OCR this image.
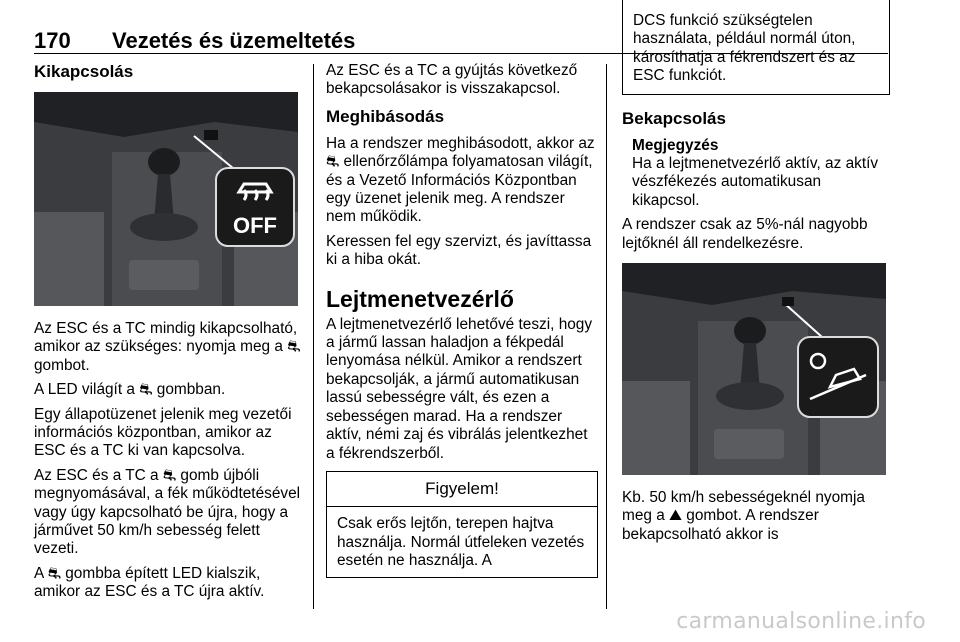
170 Vezetés és üzemeltetés
Kikapcsolás
OFF

Az ESC és a TC mindig kikapcsolható, amikor az szükséges: nyomja meg a ⛐ gombot.

A LED világít a ⛐ gombban.

Egy állapotüzenet jelenik meg vezetői információs központban, amikor az ESC és a TC ki van kapcsolva.

Az ESC és a TC a ⛐ gomb újbóli megnyomásával, a fék működtetésével vagy úgy kapcsolható be újra, hogy a járművet 50 km/h sebesség felett vezeti.

A ⛐ gombba épített LED kialszik, amikor az ESC és a TC újra aktív.

Az ESC és a TC a gyújtás következő bekapcsolásakor is visszakapcsol.

Meghibásodás

Ha a rendszer meghibásodott, akkor az ⛐ ellenőrzőlámpa folyamatosan világít, és a Vezető Információs Központban egy üzenet jelenik meg. A rendszer nem működik.

Keressen fel egy szervizt, és javíttassa ki a hiba okát.

Lejtmenetvezérlő

A lejtmenetvezérlő lehetővé teszi, hogy a jármű lassan haladjon a fékpedál lenyomása nélkül. Amikor a rendszert bekapcsolják, a jármű automatikusan lassú sebességre vált, és ezen a sebességen marad. Ha a rendszer aktív, némi zaj és vibrálás jelentkezhet a fékrendszerből.

Figyelem!
Csak erős lejtőn, terepen hajtva használja. Normál útfeleken vezetés esetén ne használja. A
DCS funkció szükségtelen használata, például normál úton, károsíthatja a fékrendszert és az ESC funkciót.
Bekapcsolás
Megjegyzés
Ha a lejtmenetvezérlő aktív, az aktív vészfékezés automatikusan kikapcsol.

A rendszer csak az 5%-nál nagyobb lejtőknél áll rendelkezésre.

Kb. 50 km/h sebességeknél nyomja meg a ⛰ gombot. A rendszer bekapcsolható akkor is

carmanualsonline.info
